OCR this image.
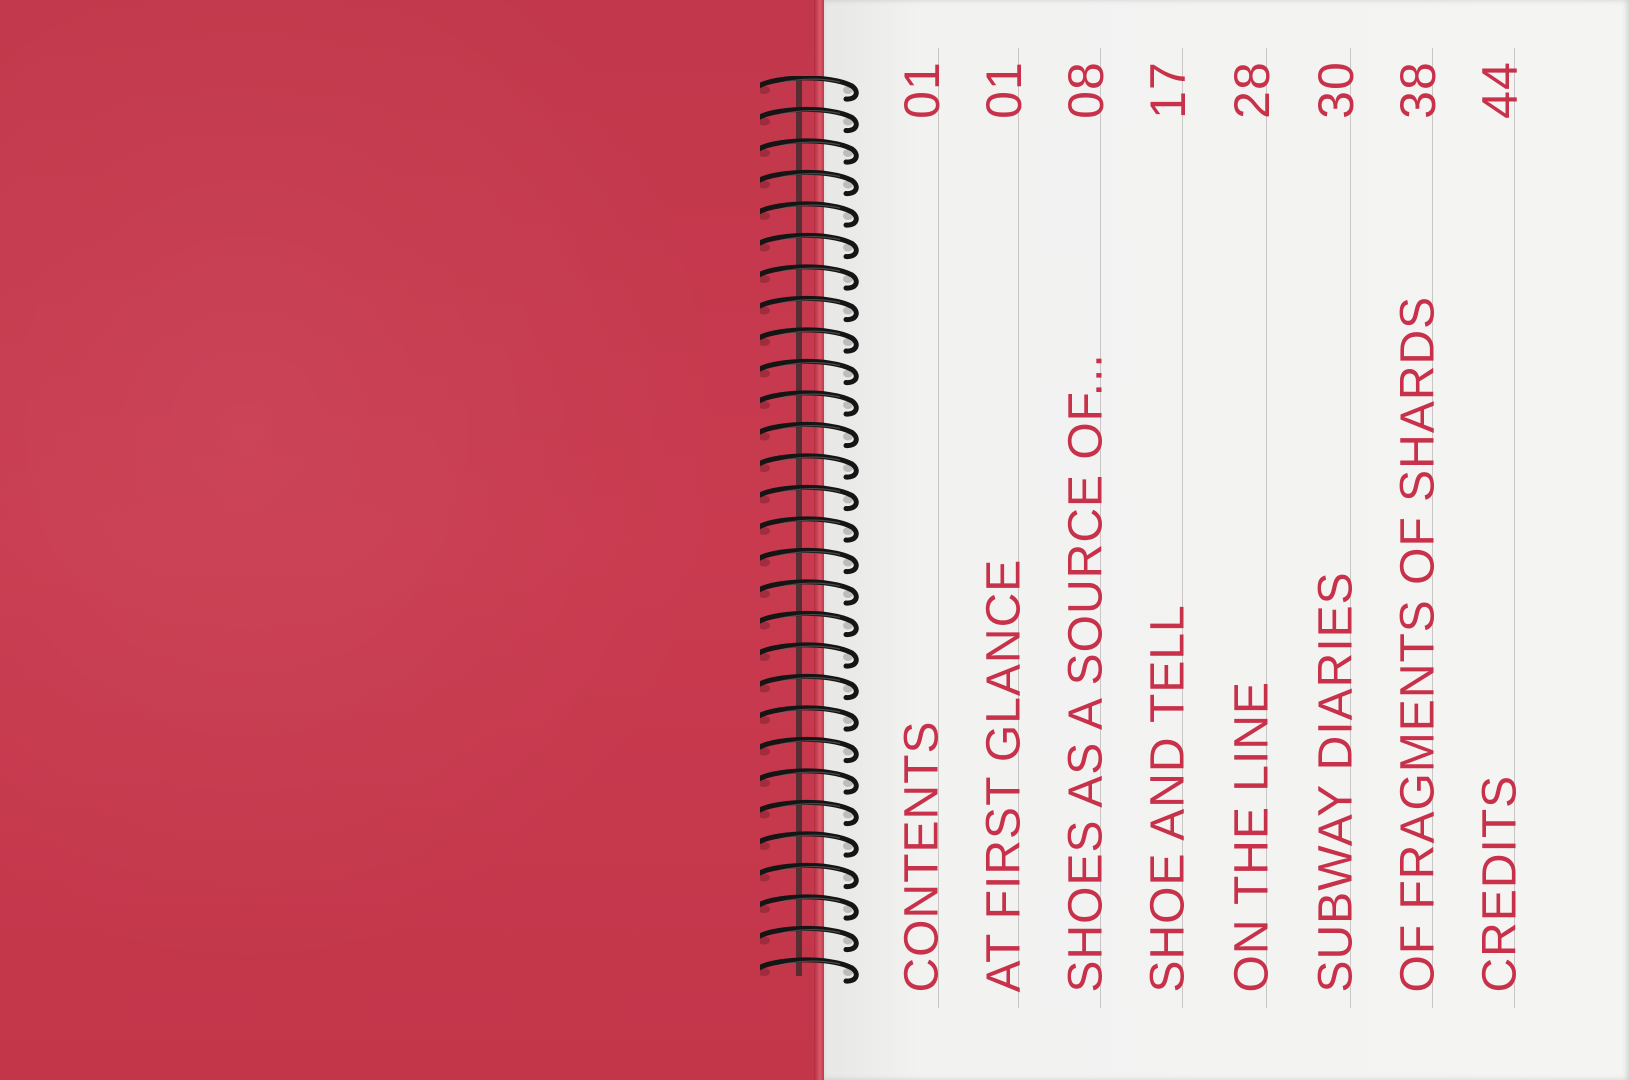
01
CONTENTS
01
AT FIRST GLANCE
08
SHOES AS A SOURCE OF...
17
SHOE AND TELL
28
ON THE LINE
30
SUBWAY DIARIES
38
OF FRAGMENTS OF SHARDS
44
CREDITS
